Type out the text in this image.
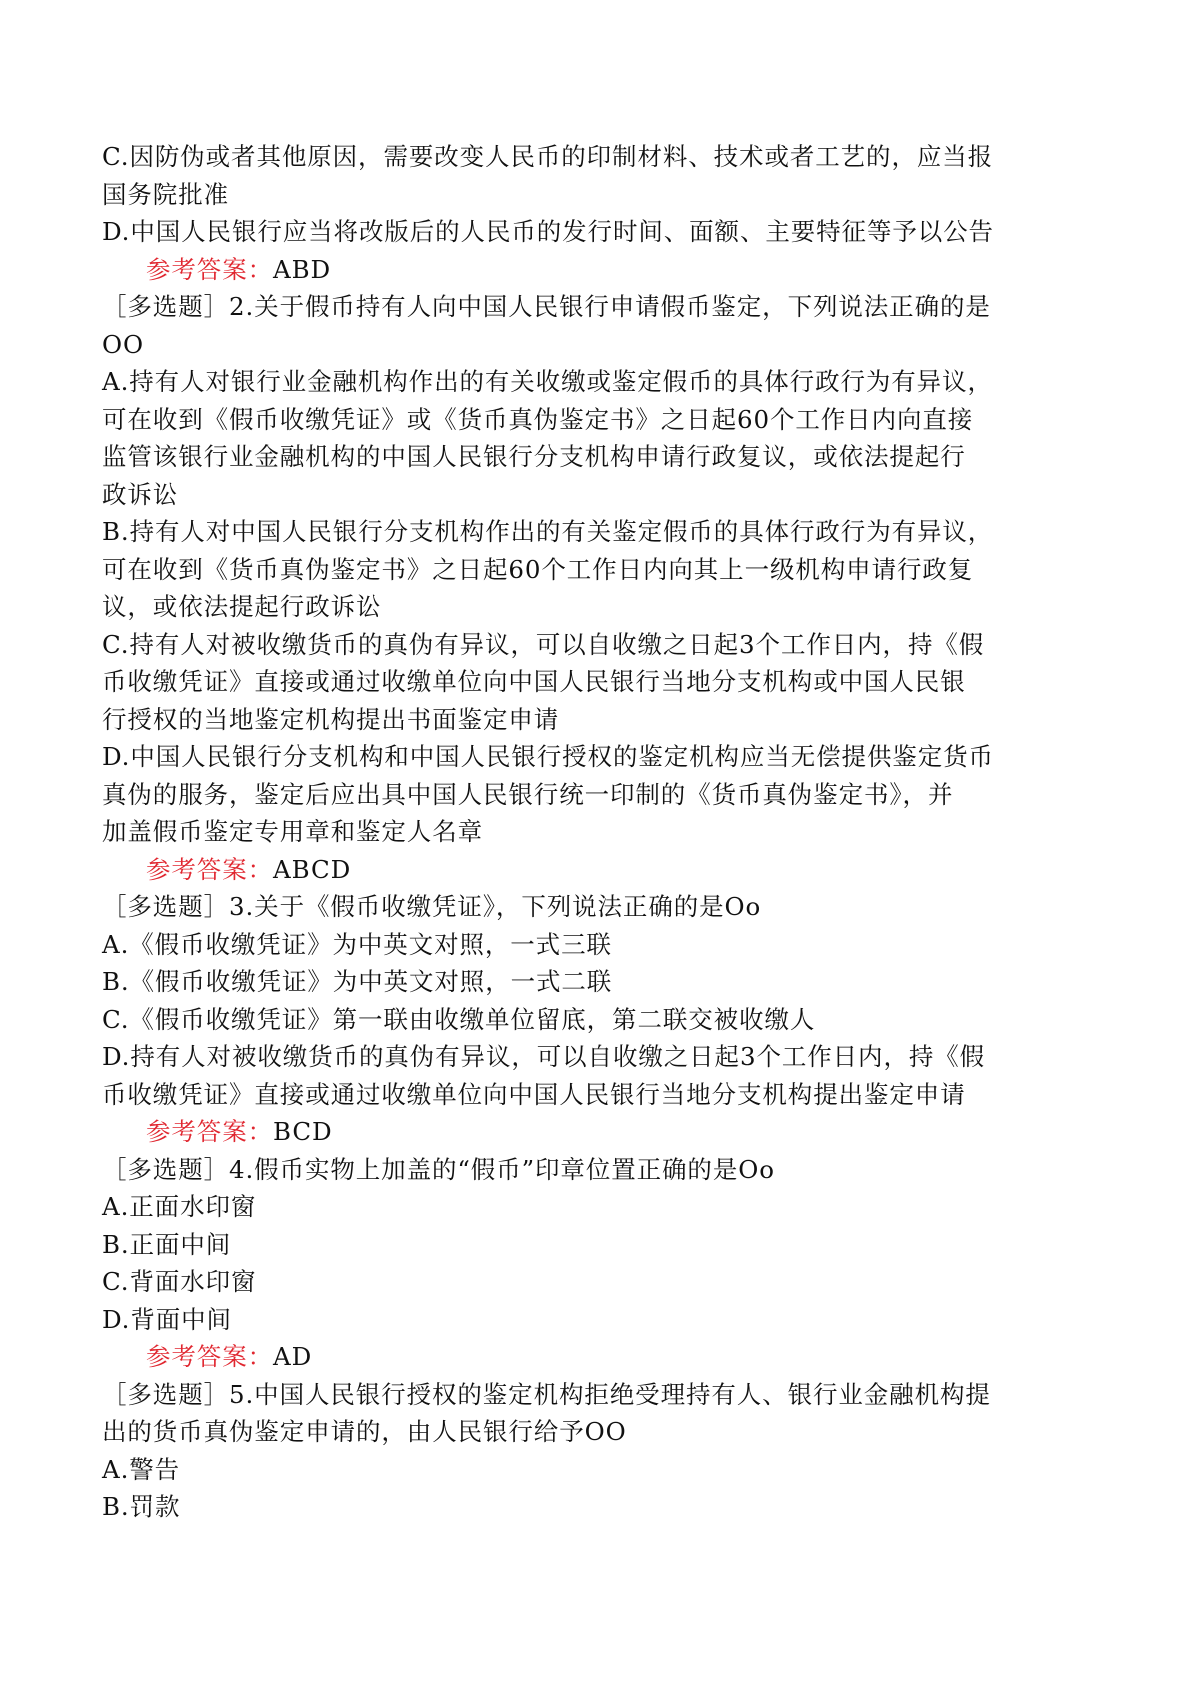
C.因防伪或者其他原因，需要改变人民币的印制材料、技术或者工艺的，应当报
国务院批准
D.中国人民银行应当将改版后的人民币的发行时间、面额、主要特征等予以公告
参考答案：ABD
［多选题］2.关于假币持有人向中国人民银行申请假币鉴定，下列说法正确的是
OO
A.持有人对银行业金融机构作出的有关收缴或鉴定假币的具体行政行为有异议，
可在收到《假币收缴凭证》或《货币真伪鉴定书》之日起60个工作日内向直接
监管该银行业金融机构的中国人民银行分支机构申请行政复议，或依法提起行
政诉讼
B.持有人对中国人民银行分支机构作出的有关鉴定假币的具体行政行为有异议，
可在收到《货币真伪鉴定书》之日起60个工作日内向其上一级机构申请行政复
议，或依法提起行政诉讼
C.持有人对被收缴货币的真伪有异议，可以自收缴之日起3个工作日内，持《假
币收缴凭证》直接或通过收缴单位向中国人民银行当地分支机构或中国人民银
行授权的当地鉴定机构提出书面鉴定申请
D.中国人民银行分支机构和中国人民银行授权的鉴定机构应当无偿提供鉴定货币
真伪的服务，鉴定后应出具中国人民银行统一印制的《货币真伪鉴定书》，并
加盖假币鉴定专用章和鉴定人名章
参考答案：ABCD
［多选题］3.关于《假币收缴凭证》，下列说法正确的是Oo
A.《假币收缴凭证》为中英文对照，一式三联
B.《假币收缴凭证》为中英文对照，一式二联
C.《假币收缴凭证》第一联由收缴单位留底，第二联交被收缴人
D.持有人对被收缴货币的真伪有异议，可以自收缴之日起3个工作日内，持《假
币收缴凭证》直接或通过收缴单位向中国人民银行当地分支机构提出鉴定申请
参考答案：BCD
［多选题］4.假币实物上加盖的“假币”印章位置正确的是Oo
A.正面水印窗
B.正面中间
C.背面水印窗
D.背面中间
参考答案：AD
［多选题］5.中国人民银行授权的鉴定机构拒绝受理持有人、银行业金融机构提
出的货币真伪鉴定申请的，由人民银行给予OO
A.警告
B.罚款
